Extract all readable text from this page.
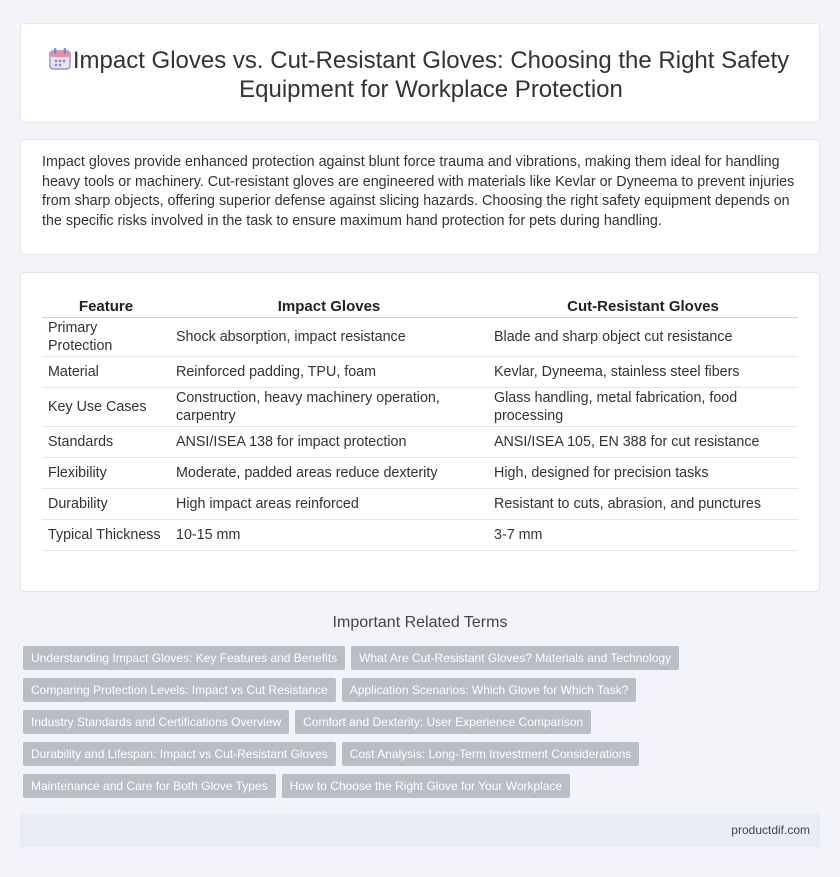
Impact Gloves vs. Cut-Resistant Gloves: Choosing the Right Safety Equipment for Workplace Protection

Impact gloves provide enhanced protection against blunt force trauma and vibrations, making them ideal for handling heavy tools or machinery. Cut-resistant gloves are engineered with materials like Kevlar or Dyneema to prevent injuries from sharp objects, offering superior defense against slicing hazards. Choosing the right safety equipment depends on the specific risks involved in the task to ensure maximum hand protection for pets during handling.

Feature	Impact Gloves	Cut-Resistant Gloves
Primary Protection	Shock absorption, impact resistance	Blade and sharp object cut resistance
Material	Reinforced padding, TPU, foam	Kevlar, Dyneema, stainless steel fibers
Key Use Cases	Construction, heavy machinery operation, carpentry	Glass handling, metal fabrication, food processing
Standards	ANSI/ISEA 138 for impact protection	ANSI/ISEA 105, EN 388 for cut resistance
Flexibility	Moderate, padded areas reduce dexterity	High, designed for precision tasks
Durability	High impact areas reinforced	Resistant to cuts, abrasion, and punctures
Typical Thickness	10-15 mm	3-7 mm
Important Related Terms
Understanding Impact Gloves: Key Features and Benefits What Are Cut-Resistant Gloves? Materials and Technology
Comparing Protection Levels: Impact vs Cut Resistance Application Scenarios: Which Glove for Which Task?
Industry Standards and Certifications Overview Comfort and Dexterity: User Experience Comparison
Durability and Lifespan: Impact vs Cut-Resistant Gloves Cost Analysis: Long-Term Investment Considerations
Maintenance and Care for Both Glove Types How to Choose the Right Glove for Your Workplace
productdif.com
